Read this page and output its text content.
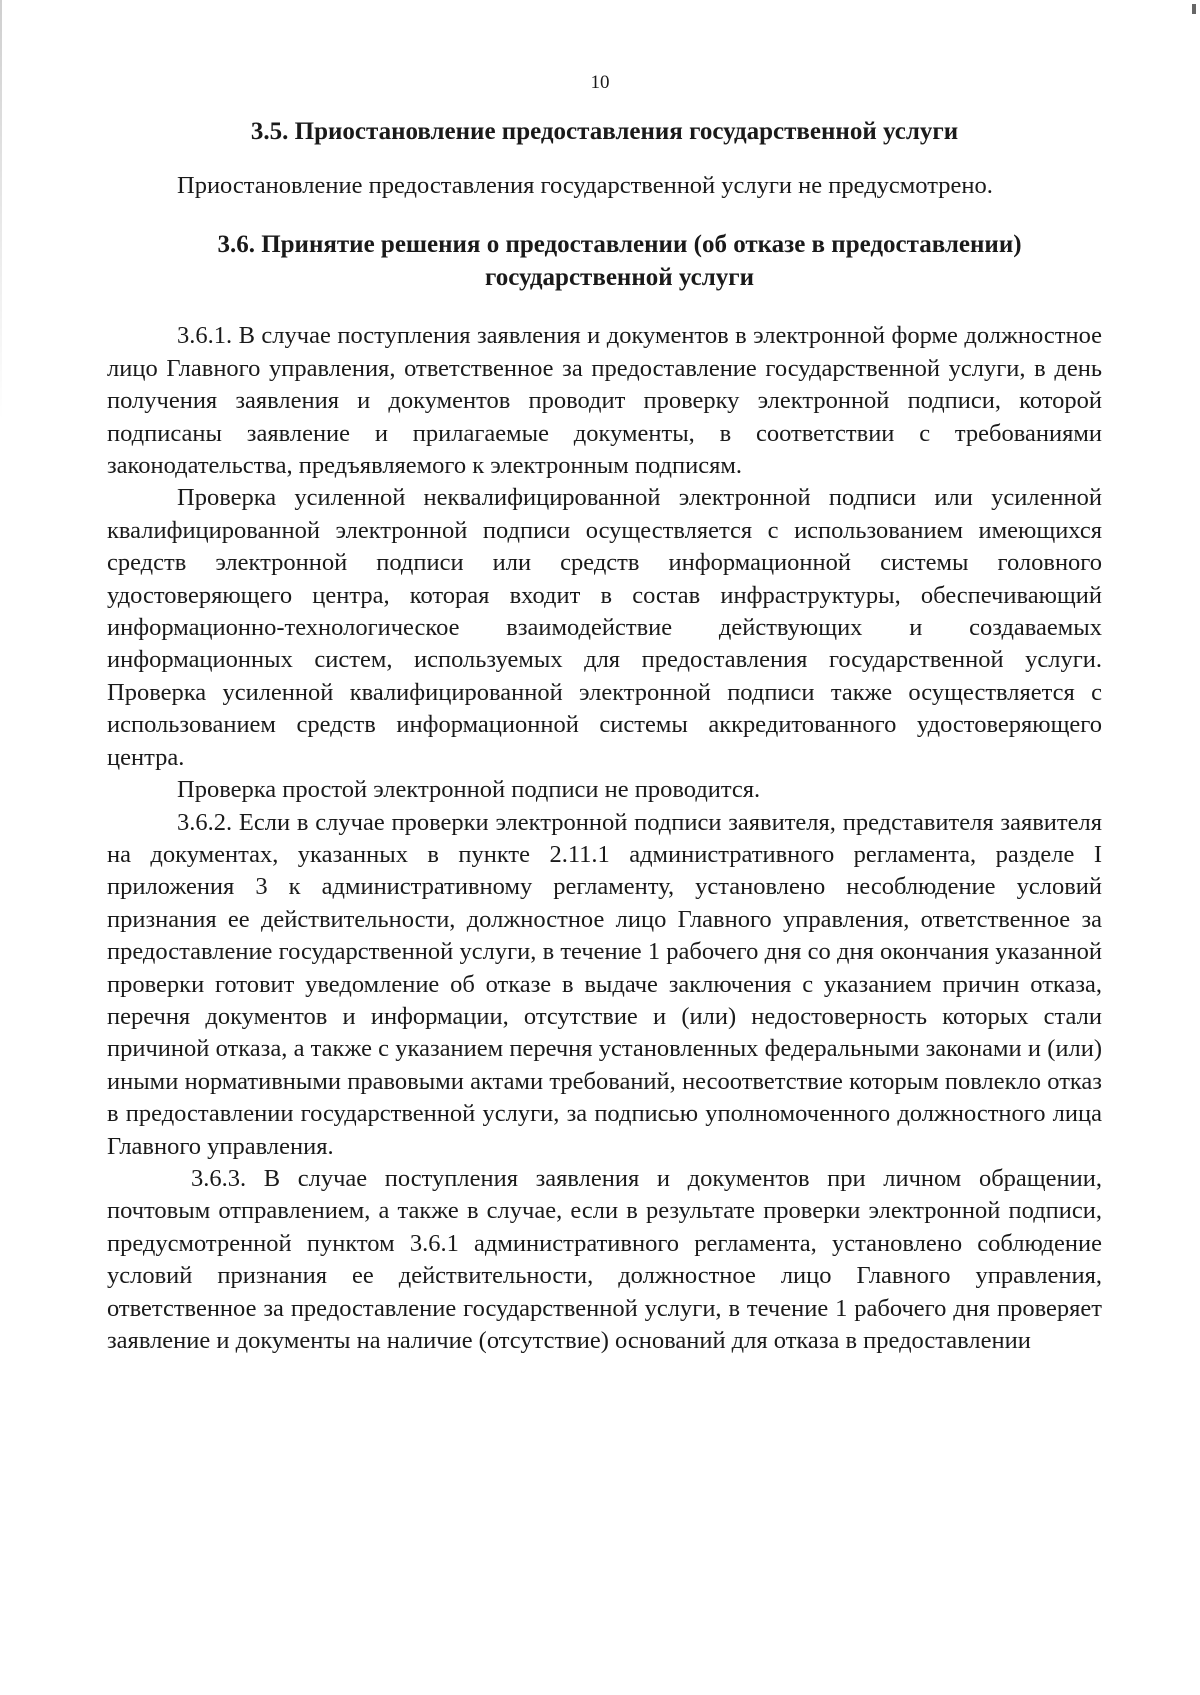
10
3.5. Приостановление предоставления государственной услуги

Приостановление предоставления государственной услуги не предусмотрено.

3.6. Принятие решения о предоставлении (об отказе в предоставлении)
государственной услуги

3.6.1. В случае поступления заявления и документов в электронной форме должностное лицо Главного управления, ответственное за предоставление государственной услуги, в день получения заявления и документов проводит проверку электронной подписи, которой подписаны заявление и прилагаемые документы, в соответствии с требованиями законодательства, предъявляемого к электронным подписям.

Проверка усиленной неквалифицированной электронной подписи или усиленной квалифицированной электронной подписи осуществляется с использованием имеющихся средств электронной подписи или средств информационной системы головного удостоверяющего центра, которая входит в состав инфраструктуры, обеспечивающий информационно-технологическое взаимодействие действующих и создаваемых информационных систем, используемых для предоставления государственной услуги. Проверка усиленной квалифицированной электронной подписи также осуществляется с использованием средств информационной системы аккредитованного удостоверяющего центра.

Проверка простой электронной подписи не проводится.

3.6.2. Если в случае проверки электронной подписи заявителя, представителя заявителя на документах, указанных в пункте 2.11.1 административного регламента, разделе I приложения 3 к административному регламенту, установлено несоблюдение условий признания ее действительности, должностное лицо Главного управления, ответственное за предоставление государственной услуги, в течение 1 рабочего дня со дня окончания указанной проверки готовит уведомление об отказе в выдаче заключения с указанием причин отказа, перечня документов и информации, отсутствие и (или) недостоверность которых стали причиной отказа, а также с указанием перечня установленных федеральными законами и (или) иными нормативными правовыми актами требований, несоответствие которым повлекло отказ в предоставлении государственной услуги, за подписью уполномоченного должностного лица Главного управления.

3.6.3. В случае поступления заявления и документов при личном обращении, почтовым отправлением, а также в случае, если в результате проверки электронной подписи, предусмотренной пунктом 3.6.1 административного регламента, установлено соблюдение условий признания ее действительности, должностное лицо Главного управления, ответственное за предоставление государственной услуги, в течение 1 рабочего дня проверяет заявление и документы на наличие (отсутствие) оснований для отказа в предоставлении
